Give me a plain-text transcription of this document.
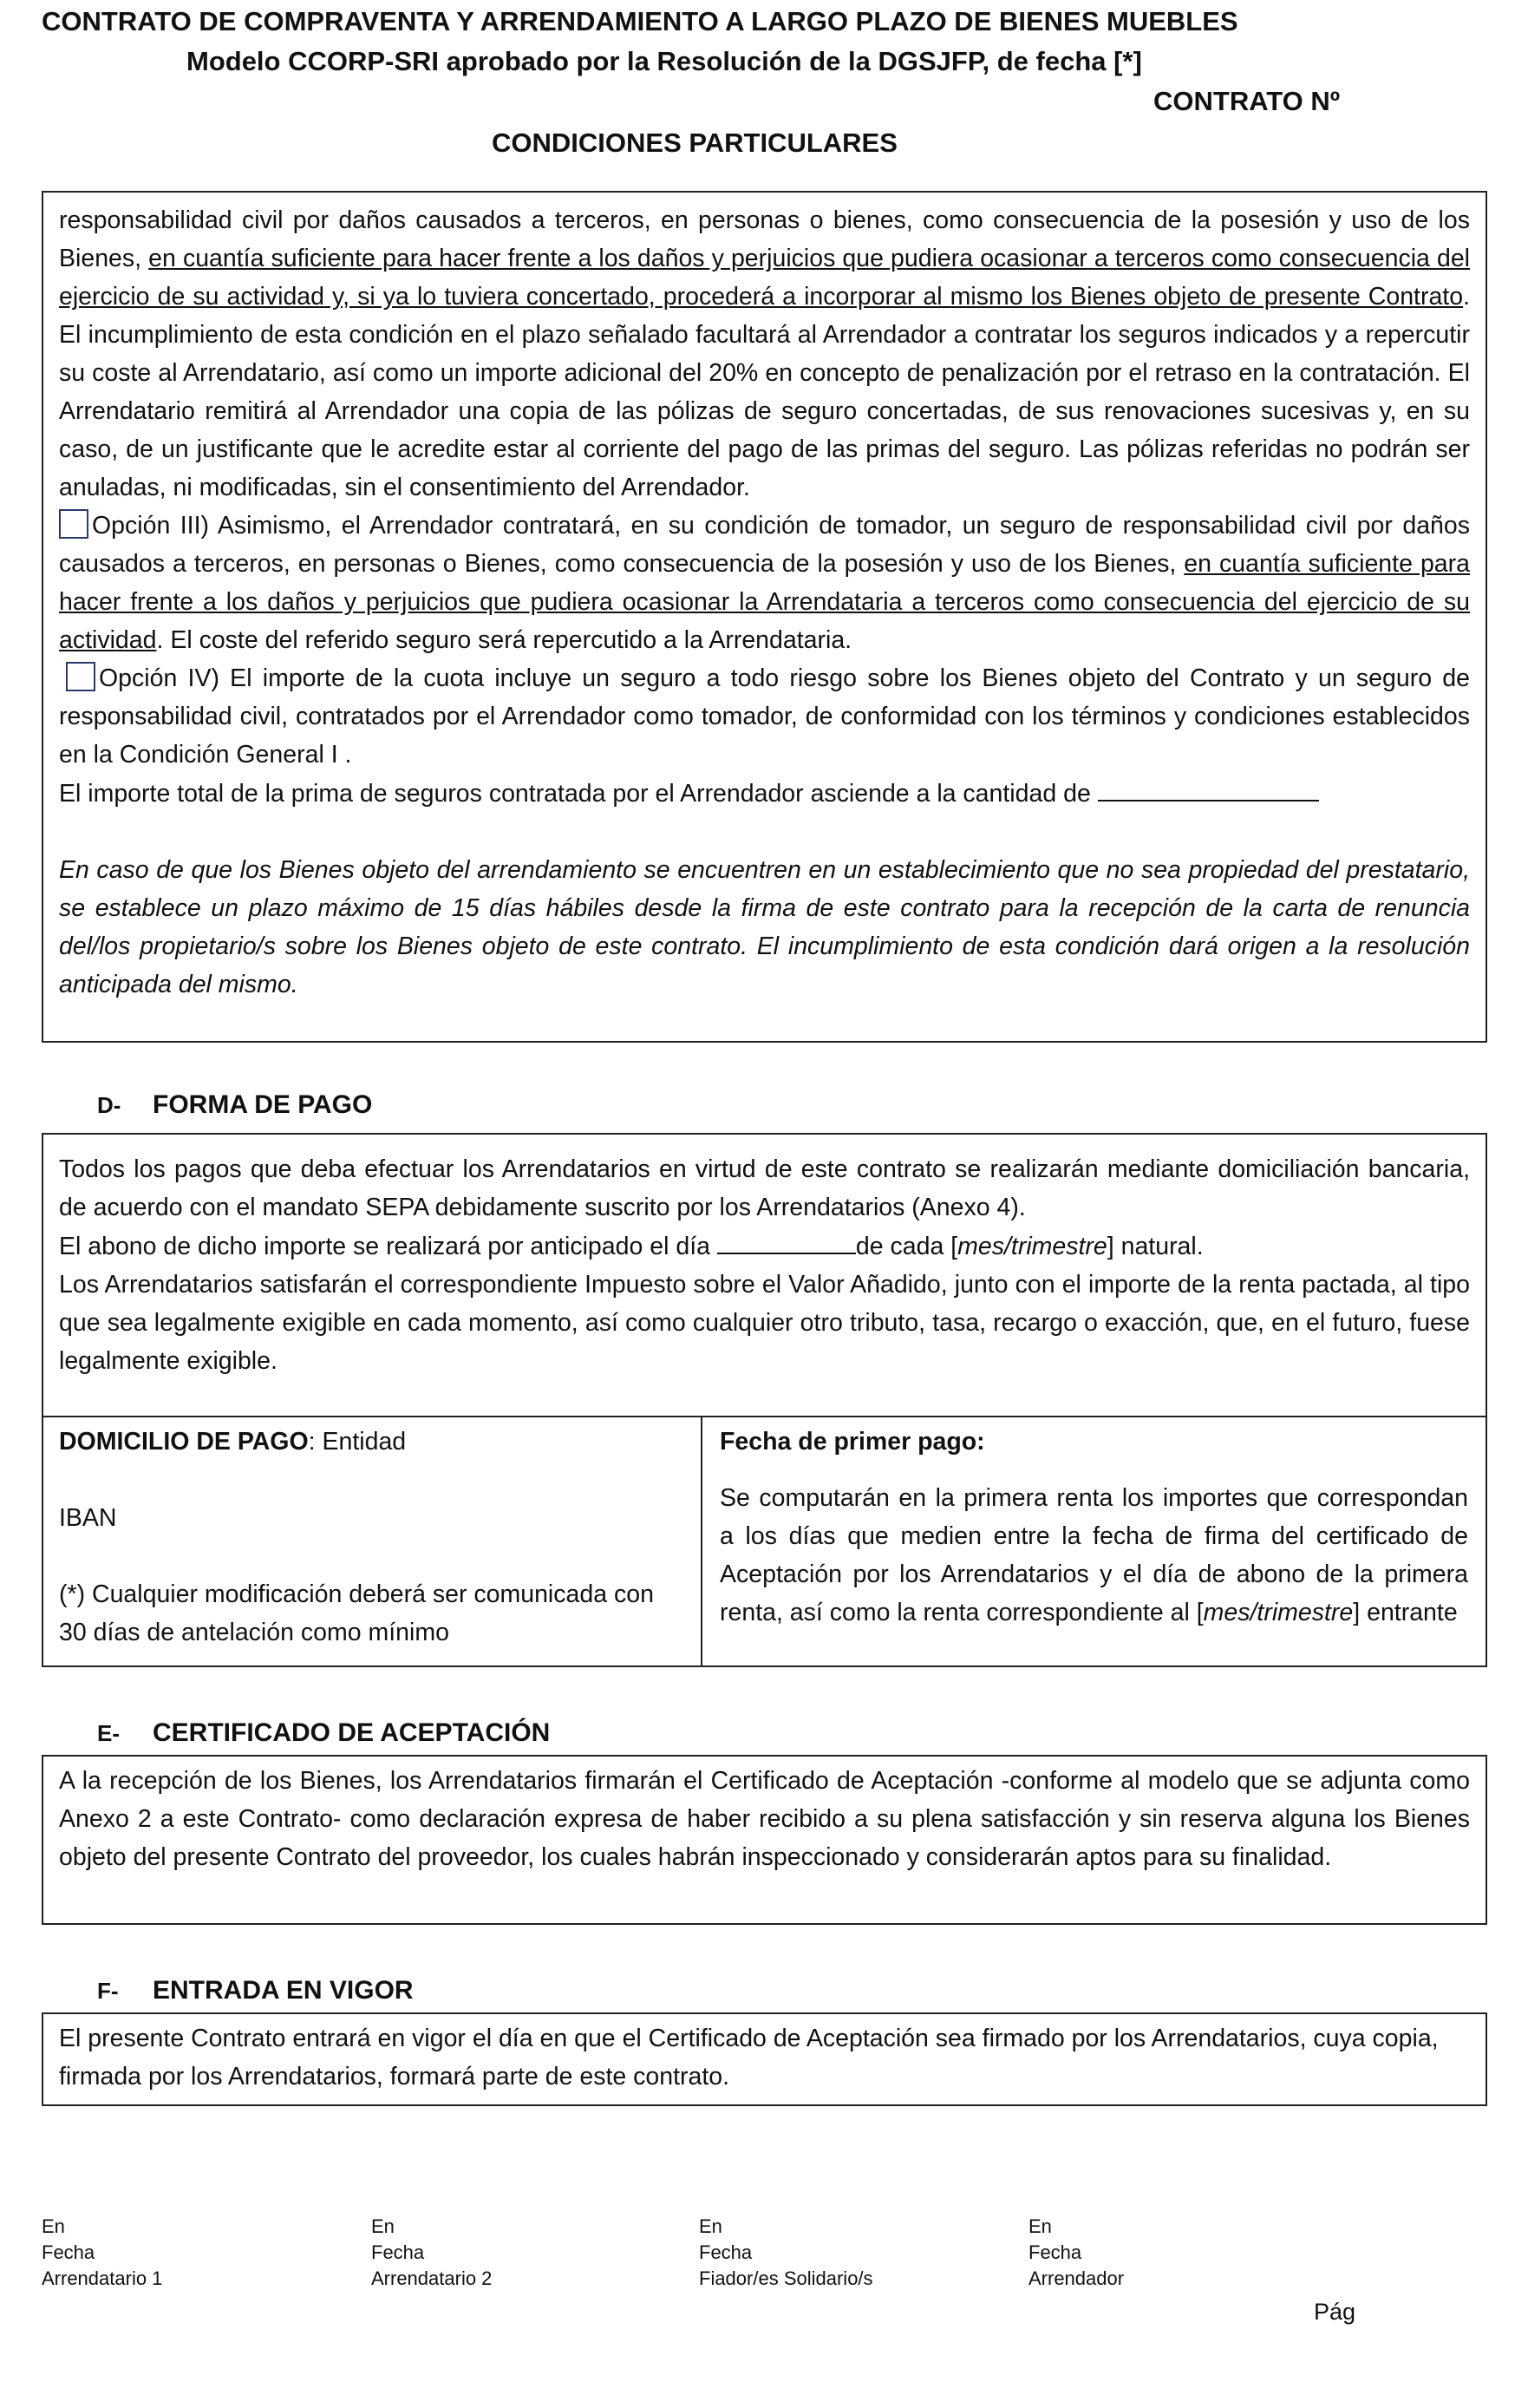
CONTRATO DE COMPRAVENTA Y ARRENDAMIENTO A LARGO PLAZO DE BIENES MUEBLES
Modelo CCORP-SRI aprobado por la Resolución de la DGSJFP, de fecha [*]
CONTRATO Nº
CONDICIONES PARTICULARES

responsabilidad civil por daños causados a terceros, en personas o bienes, como consecuencia de la posesión y uso de los Bienes, en cuantía suficiente para hacer frente a los daños y perjuicios que pudiera ocasionar a terceros como consecuencia del ejercicio de su actividad y, si ya lo tuviera concertado, procederá a incorporar al mismo los Bienes objeto de presente Contrato. El incumplimiento de esta condición en el plazo señalado facultará al Arrendador a contratar los seguros indicados y a repercutir su coste al Arrendatario, así como un importe adicional del 20% en concepto de penalización por el retraso en la contratación. El Arrendatario remitirá al Arrendador una copia de las pólizas de seguro concertadas, de sus renovaciones sucesivas y, en su caso, de un justificante que le acredite estar al corriente del pago de las primas del seguro. Las pólizas referidas no podrán ser anuladas, ni modificadas, sin el consentimiento del Arrendador.

Opción III) Asimismo, el Arrendador contratará, en su condición de tomador, un seguro de responsabilidad civil por daños causados a terceros, en personas o Bienes, como consecuencia de la posesión y uso de los Bienes, en cuantía suficiente para hacer frente a los daños y perjuicios que pudiera ocasionar la Arrendataria a terceros como consecuencia del ejercicio de su actividad. El coste del referido seguro será repercutido a la Arrendataria.

Opción IV) El importe de la cuota incluye un seguro a todo riesgo sobre los Bienes objeto del Contrato y un seguro de responsabilidad civil, contratados por el Arrendador como tomador, de conformidad con los términos y condiciones establecidos en la Condición General I .

El importe total de la prima de seguros contratada por el Arrendador asciende a la cantidad de

En caso de que los Bienes objeto del arrendamiento se encuentren en un establecimiento que no sea propiedad del prestatario, se establece un plazo máximo de 15 días hábiles desde la firma de este contrato para la recepción de la carta de renuncia del/los propietario/s sobre los Bienes objeto de este contrato. El incumplimiento de esta condición dará origen a la resolución anticipada del mismo.

D- FORMA DE PAGO

Todos los pagos que deba efectuar los Arrendatarios en virtud de este contrato se realizarán mediante domiciliación bancaria, de acuerdo con el mandato SEPA debidamente suscrito por los Arrendatarios (Anexo 4).

El abono de dicho importe se realizará por anticipado el día	de cada [mes/trimestre] natural.

Los Arrendatarios satisfarán el correspondiente Impuesto sobre el Valor Añadido, junto con el importe de la renta pactada, al tipo que sea legalmente exigible en cada momento, así como cualquier otro tributo, tasa, recargo o exacción, que, en el futuro, fuese legalmente exigible.

DOMICILIO DE PAGO: Entidad

IBAN

(*) Cualquier modificación deberá ser comunicada con 30 días de antelación como mínimo

Fecha de primer pago:

Se computarán en la primera renta los importes que correspondan a los días que medien entre la fecha de firma del certificado de Aceptación por los Arrendatarios y el día de abono de la primera renta, así como la renta correspondiente al [mes/trimestre] entrante

E- CERTIFICADO DE ACEPTACIÓN

A la recepción de los Bienes, los Arrendatarios firmarán el Certificado de Aceptación -conforme al modelo que se adjunta como Anexo 2 a este Contrato- como declaración expresa de haber recibido a su plena satisfacción y sin reserva alguna los Bienes objeto del presente Contrato del proveedor, los cuales habrán inspeccionado y considerarán aptos para su finalidad.

F- ENTRADA EN VIGOR

El presente Contrato entrará en vigor el día en que el Certificado de Aceptación sea firmado por los Arrendatarios, cuya copia, firmada por los Arrendatarios, formará parte de este contrato.

En
Fecha
Arrendatario 1
En
Fecha
Arrendatario 2
En
Fecha
Fiador/es Solidario/s
En
Fecha
Arrendador
Pág
